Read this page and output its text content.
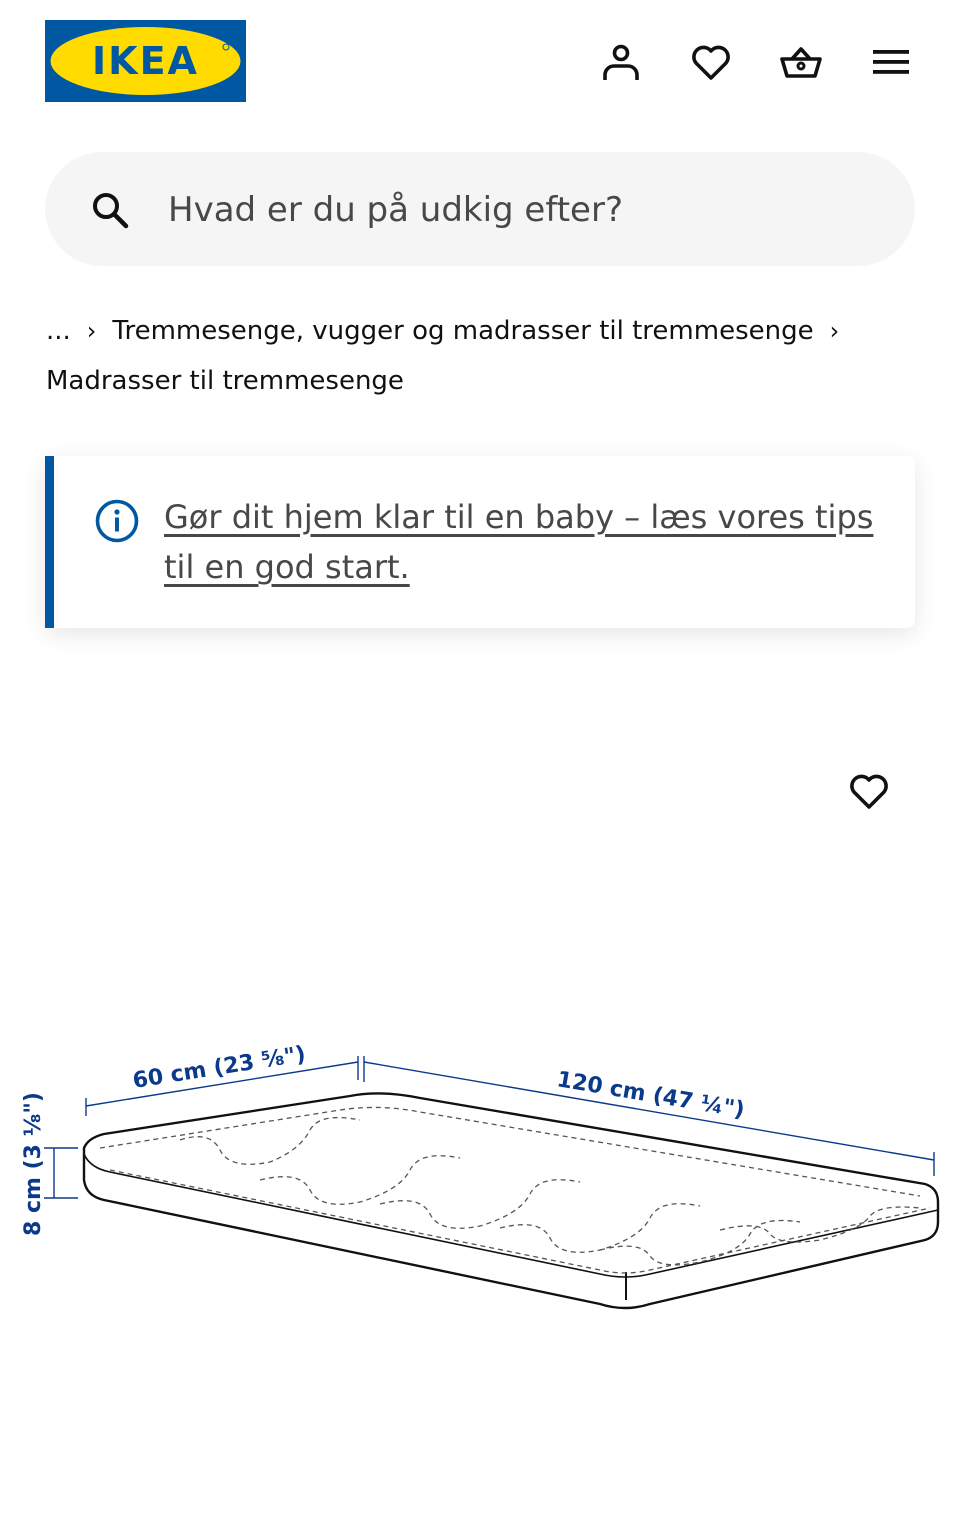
IKEA
Hvad er du på udkig efter?
... › Tremmesenge, vugger og madrasser til tremmesenge ›
Madrasser til tremmesenge
Gør dit hjem klar til en baby – læs vores tips til en god start.
60 cm (23 ⅝")	120 cm (47 ¼")
8 cm (3 ⅛")
